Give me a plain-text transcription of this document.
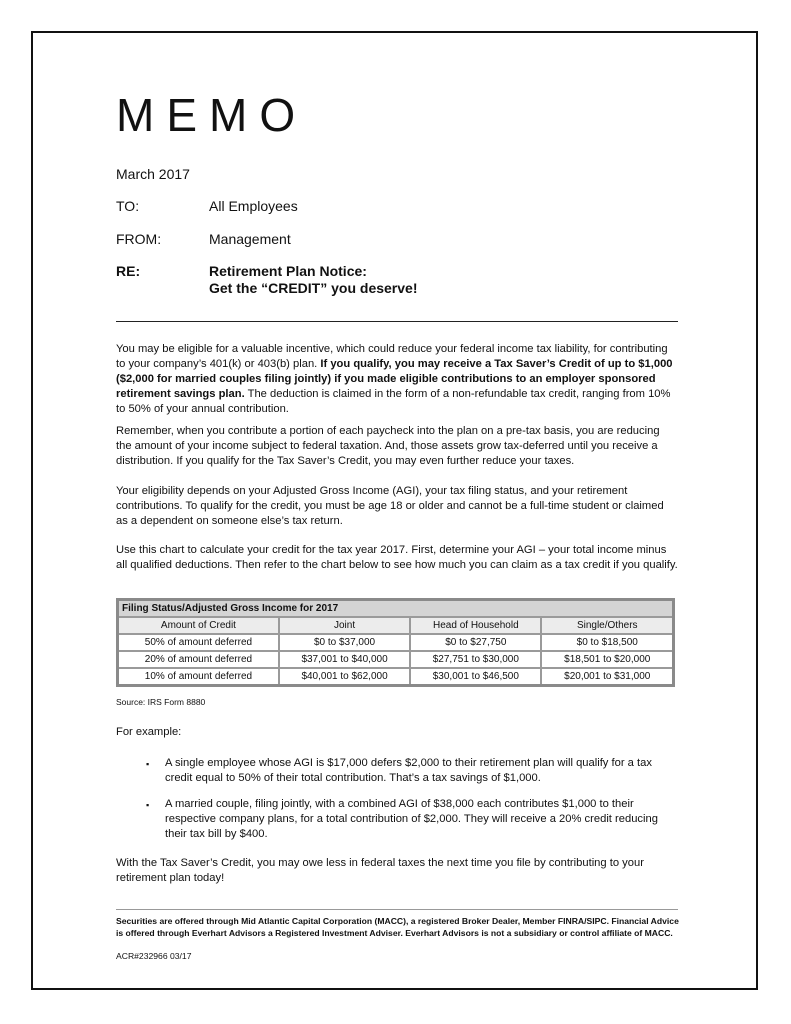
MEMO
March 2017
TO:	All Employees
FROM:	Management
RE:	Retirement Plan Notice:
Get the “CREDIT” you deserve!
You may be eligible for a valuable incentive, which could reduce your federal income tax liability, for contributing to your company’s 401(k) or 403(b) plan. If you qualify, you may receive a Tax Saver’s Credit of up to $1,000 ($2,000 for married couples filing jointly) if you made eligible contributions to an employer sponsored retirement savings plan. The deduction is claimed in the form of a non-refundable tax credit, ranging from 10% to 50% of your annual contribution.
Remember, when you contribute a portion of each paycheck into the plan on a pre-tax basis, you are reducing the amount of your income subject to federal taxation. And, those assets grow tax-deferred until you receive a distribution. If you qualify for the Tax Saver’s Credit, you may even further reduce your taxes.
Your eligibility depends on your Adjusted Gross Income (AGI), your tax filing status, and your retirement contributions. To qualify for the credit, you must be age 18 or older and cannot be a full-time student or claimed as a dependent on someone else’s tax return.
Use this chart to calculate your credit for the tax year 2017. First, determine your AGI – your total income minus all qualified deductions. Then refer to the chart below to see how much you can claim as a tax credit if you qualify.
Filing Status/Adjusted Gross Income for 2017			
Amount of Credit	Joint	Head of Household	Single/Others
50% of amount deferred	$0 to $37,000	$0 to $27,750	$0 to $18,500
20% of amount deferred	$37,001 to $40,000	$27,751 to $30,000	$18,501 to $20,000
10% of amount deferred	$40,001 to $62,000	$30,001 to $46,500	$20,001 to $31,000
Source: IRS Form 8880
For example:
▪ A single employee whose AGI is $17,000 defers $2,000 to their retirement plan will qualify for a tax credit equal to 50% of their total contribution. That’s a tax savings of $1,000.
▪ A married couple, filing jointly, with a combined AGI of $38,000 each contributes $1,000 to their respective company plans, for a total contribution of $2,000. They will receive a 20% credit reducing their tax bill by $400.
With the Tax Saver’s Credit, you may owe less in federal taxes the next time you file by contributing to your retirement plan today!
Securities are offered through Mid Atlantic Capital Corporation (MACC), a registered Broker Dealer, Member FINRA/SIPC. Financial Advice is offered through Everhart Advisors a Registered Investment Adviser. Everhart Advisors is not a subsidiary or control affiliate of MACC.
ACR#232966 03/17
